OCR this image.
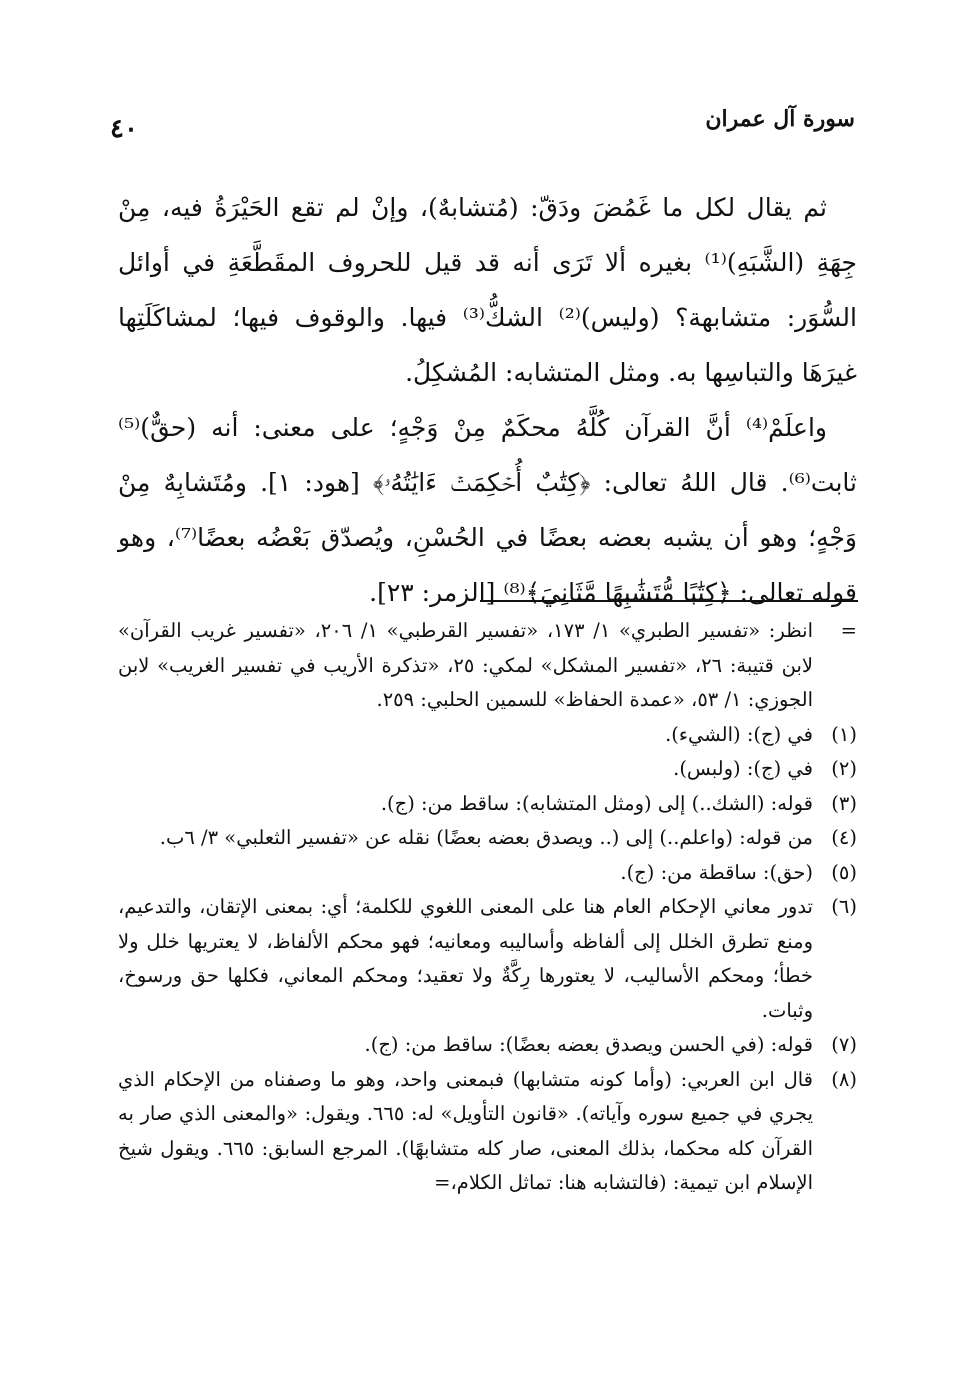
٤٠	سورة آل عمران

ثم يقال لكل ما غَمُضَ ودَقّ: (مُتشابهٌ)، وإنْ لم تقع الحَيْرَةُ فيه، مِنْ جِهَةِ (الشَّبَهِ)⁽¹⁾ بغيره ألا تَرَى أنه قد قيل للحروف المقَطَّعَةِ في أوائل السُّوَر: متشابهة؟ (وليس)⁽²⁾ الشكُّ⁽³⁾ فيها. والوقوف فيها؛ لمشاكَلَتِها غيرَهَا والتباسِها به. ومثل المتشابه: المُشكِلُ.

واعلَمْ⁽⁴⁾ أنَّ القرآن كُلَّهُ محكَمٌ مِنْ وَجْهٍ؛ على معنى: أنه (حقٌّ)⁽⁵⁾ ثابت⁽⁶⁾. قال اللهُ تعالى: ﴿كِتَٰبٌ أُحۡكِمَتۡ ءَايَٰتُهُۥ﴾ [هود: ١]. ومُتَشابِهٌ مِنْ وَجْهٍ؛ وهو أن يشبه بعضه بعضًا في الحُسْنِ، ويُصدّق بَعْضُه بعضًا⁽⁷⁾، وهو قوله تعالى: ﴿كِتَٰبًا مُّتَشَٰبِهًا مَّثَانِيَ﴾⁽⁸⁾ [الزمر: ٢٣].

=
انظر: «تفسير الطبري» ١/ ١٧٣، «تفسير القرطبي» ١/ ٢٠٦، «تفسير غريب القرآن» لابن قتيبة: ٢٦، «تفسير المشكل» لمكي: ٢٥، «تذكرة الأريب في تفسير الغريب» لابن الجوزي: ١/ ٥٣، «عمدة الحفاظ» للسمين الحلبي: ٢٥٩.
(١)
في (ج): (الشيء).
(٢)
في (ج): (ولبس).
(٣)
قوله: (الشك..) إلى (ومثل المتشابه): ساقط من: (ج).
(٤)
من قوله: (واعلم..) إلى (.. ويصدق بعضه بعضًا) نقله عن «تفسير الثعلبي» ٣/ ٦ب.
(٥)
(حق): ساقطة من: (ج).
(٦)
تدور معاني الإحكام العام هنا على المعنى اللغوي للكلمة؛ أي: بمعنى الإتقان، والتدعيم، ومنع تطرق الخلل إلى ألفاظه وأساليبه ومعانيه؛ فهو محكم الألفاظ، لا يعتريها خلل ولا خطأ؛ ومحكم الأساليب، لا يعتورها رِكَّةٌ ولا تعقيد؛ ومحكم المعاني، فكلها حق ورسوخ، وثبات.
(٧)
قوله: (في الحسن ويصدق بعضه بعضًا): ساقط من: (ج).
(٨)
قال ابن العربي: (وأما كونه متشابها) فبمعنى واحد، وهو ما وصفناه من الإحكام الذي يجري في جميع سوره وآياته). «قانون التأويل» له: ٦٦٥. ويقول: «والمعنى الذي صار به القرآن كله محكما، بذلك المعنى، صار كله متشابهًا). المرجع السابق: ٦٦٥. ويقول شيخ الإسلام ابن تيمية: (فالتشابه هنا: تماثل الكلام،=
